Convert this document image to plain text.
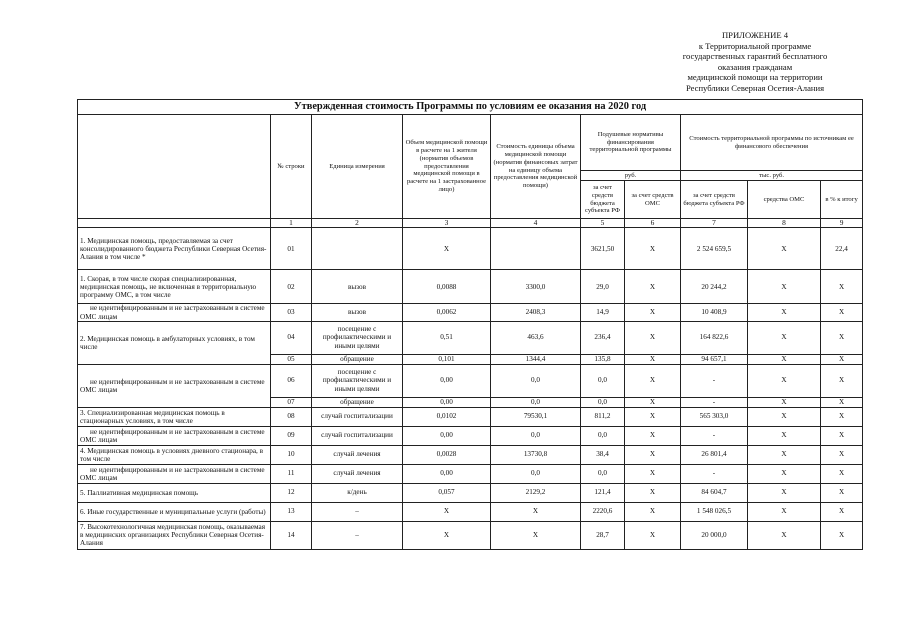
ПРИЛОЖЕНИЕ 4
к Территориальной программе
государственных гарантий бесплатного
оказания гражданам
медицинской помощи на территории
Республики Северная Осетия-Алания
Утвержденная стоимость Программы по условиям ее оказания на 2020 год									
	№ строки	Единица измерения	Объем медицинской помощи в расчете на 1 жителя (норматив объемов предоставления медицинской помощи в расчете на 1 застрахованное лицо)	Стоимость единицы объема медицинской помощи (норматив финансовых затрат на единицу объема предоставления медицинской помощи)	Подушевые нормативы финансирования территориальной программы		Стоимость территориальной программы по источникам ее финансового обеспечения		
					руб.		тыс. руб.		
					за счет средств бюджета субъекта РФ	за счет средств ОМС	за счет средств бюджета субъекта РФ	средства ОМС	в % к итогу
	1	2	3	4	5	6	7	8	9
1. Медицинская помощь, предоставляемая за счет консолидированного бюджета Республики Северная Осетия-Алания в том числе *	01		X		3621,50	X	2 524 659,5	X	22,4
1. Скорая, в том числе скорая специализированная, медицинская помощь, не включенная в территориальную программу ОМС, в том числе	02	вызов	0,0088	3300,0	29,0	X	20 244,2	X	X
не идентифицированным и не застрахованным в системе ОМС лицам	03	вызов	0,0062	2408,3	14,9	X	10 408,9	X	X
2. Медицинская помощь в амбулаторных условиях, в том числе	04	посещение с профилактическими и иными целями	0,51	463,6	236,4	X	164 822,6	X	X
	05	обращение	0,101	1344,4	135,8	X	94 657,1	X	X
не идентифицированным и не застрахованным в системе ОМС лицам	06	посещение с профилактическими и иными целями	0,00	0,0	0,0	X	-	X	X
	07	обращение	0,00	0,0	0,0	X	-	X	X
3. Специализированная медицинская помощь в стационарных условиях, в том числе	08	случай госпитализации	0,0102	79530,1	811,2	X	565 303,0	X	X
не идентифицированным и не застрахованным в системе ОМС лицам	09	случай госпитализации	0,00	0,0	0,0	X	-	X	X
4. Медицинская помощь в условиях дневного стационара, в том числе	10	случай лечения	0,0028	13730,8	38,4	X	26 801,4	X	X
не идентифицированным и не застрахованным в системе ОМС лицам	11	случай лечения	0,00	0,0	0,0	X	-	X	X
5. Паллиативная медицинская помощь	12	к/день	0,057	2129,2	121,4	X	84 604,7	X	X
6. Иные государственные и муниципальные услуги (работы)	13	–	X	X	2220,6	X	1 548 026,5	X	X
7. Высокотехнологичная медицинская помощь, оказываемая в медицинских организациях Республики Северная Осетия-Алания	14	–	X	X	28,7	X	20 000,0	X	X
